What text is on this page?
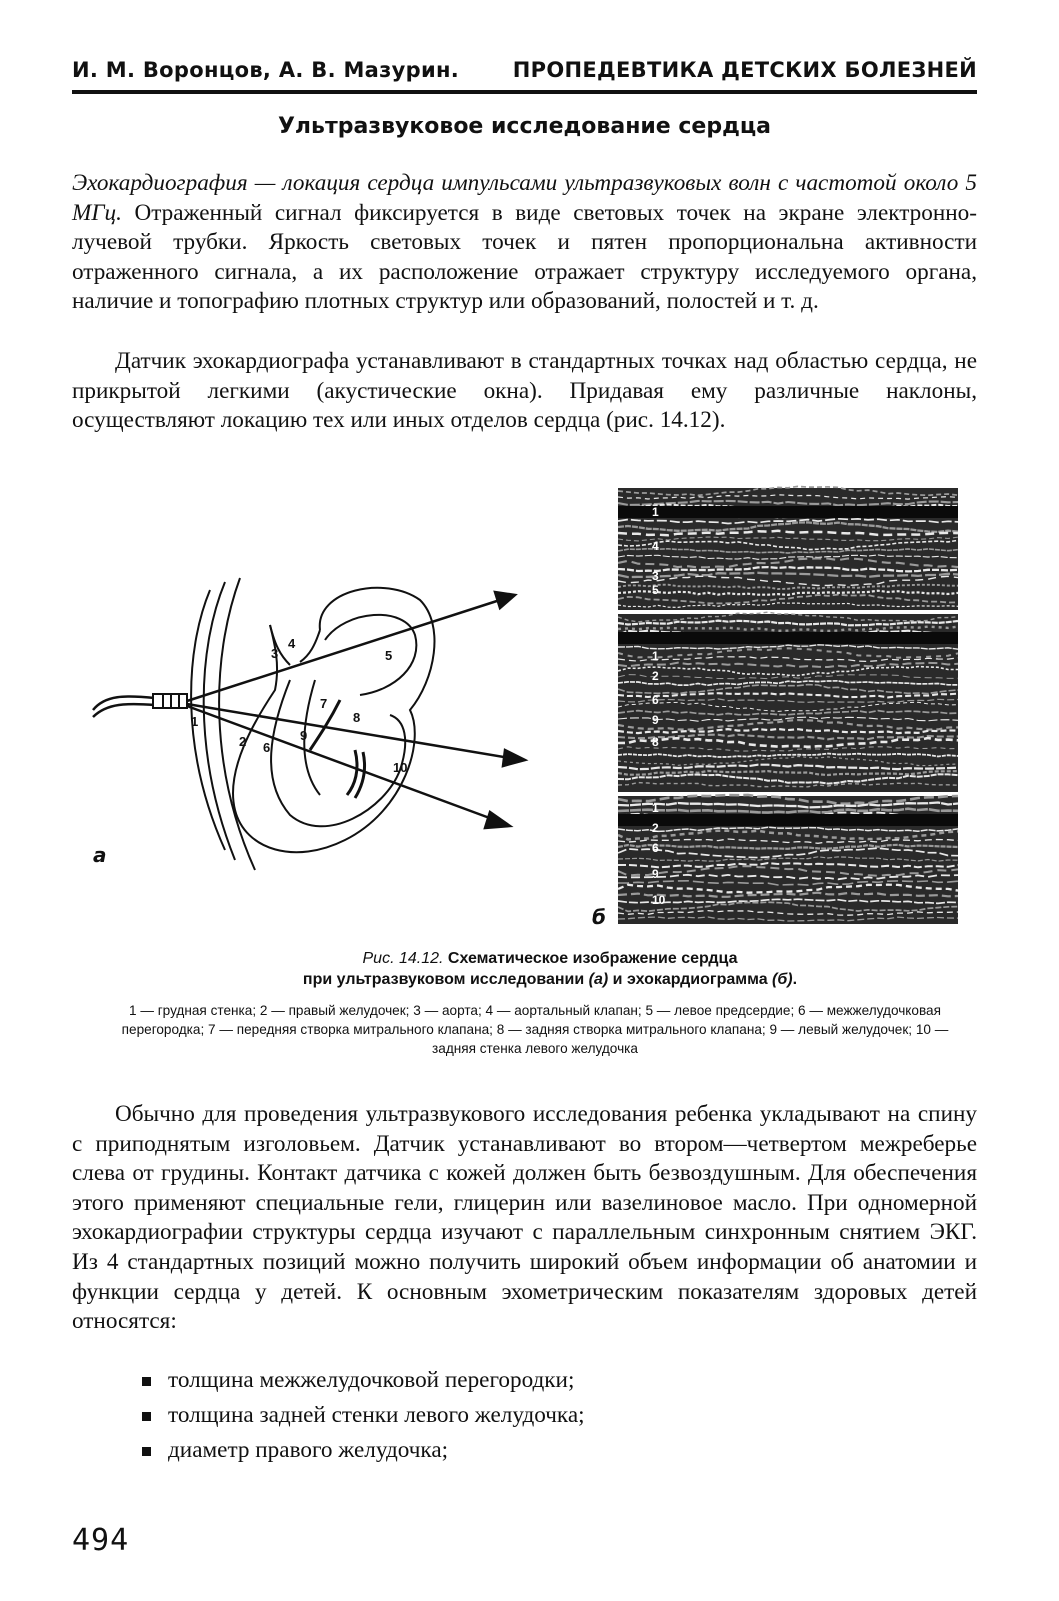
И. М. Воронцов, А. В. Мазурин.	ПРОПЕДЕВТИКА ДЕТСКИХ БОЛЕЗНЕЙ
Ультразвуковое исследование сердца

Эхокардиография — локация сердца импульсами ультразвуковых волн с частотой около 5 МГц. Отраженный сигнал фиксируется в виде световых точек на экране электронно-лучевой трубки. Яркость световых точек и пятен пропорциональна активности отраженного сигнала, а их расположение отражает структуру исследуемого органа, наличие и топографию плотных структур или образований, полостей и т. д.

Датчик эхокардиографа устанавливают в стандартных точках над областью сердца, не прикрытой легкими (акустические окна). Придавая ему различные наклоны, осуществляют локацию тех или иных отделов сердца (рис. 14.12).

1
2
3
4
5
6
7
8
9
10
а
1
4
3
5
1
2
6
9
8
1
2
6
9
10
б
Рис. 14.12. Схематическое изображение сердца
при ультразвуковом исследовании (а) и эхокардиограмма (б).
1 — грудная стенка; 2 — правый желудочек; 3 — аорта; 4 — аортальный клапан; 5 — левое предсердие; 6 — межжелудочковая перегородка; 7 — передняя створка митрального клапана; 8 — задняя створка митрального клапана; 9 — левый желудочек; 10 — задняя стенка левого желудочка

Обычно для проведения ультразвукового исследования ребенка укладывают на спину с приподнятым изголовьем. Датчик устанавливают во втором—четвертом межреберье слева от грудины. Контакт датчика с кожей должен быть безвоздушным. Для обеспечения этого применяют специальные гели, глицерин или вазелиновое масло. При одномерной эхокардиографии структуры сердца изучают с параллельным синхронным снятием ЭКГ. Из 4 стандартных позиций можно получить широкий объем информации об анатомии и функции сердца у детей. К основным эхометрическим показателям здоровых детей относятся:

толщина межжелудочковой перегородки;
толщина задней стенки левого желудочка;
диаметр правого желудочка;
494
